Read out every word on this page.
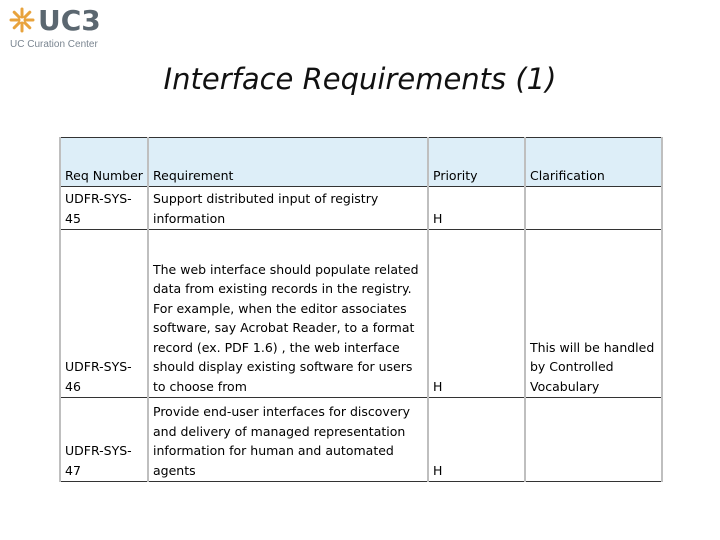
UC3
UC Curation Center
Interface Requirements (1)
Req Number	Requirement	Priority	Clarification
UDFR-SYS-45	Support distributed input of registry information	H	
UDFR-SYS-46	The web interface should populate related data from existing records in the registry. For example, when the editor associates software, say Acrobat Reader, to a format record (ex. PDF 1.6) , the web interface should display existing software for users to choose from	H	This will be handled by Controlled Vocabulary
UDFR-SYS-47	Provide end-user interfaces for discovery and delivery of managed representation information for human and automated agents	H	
